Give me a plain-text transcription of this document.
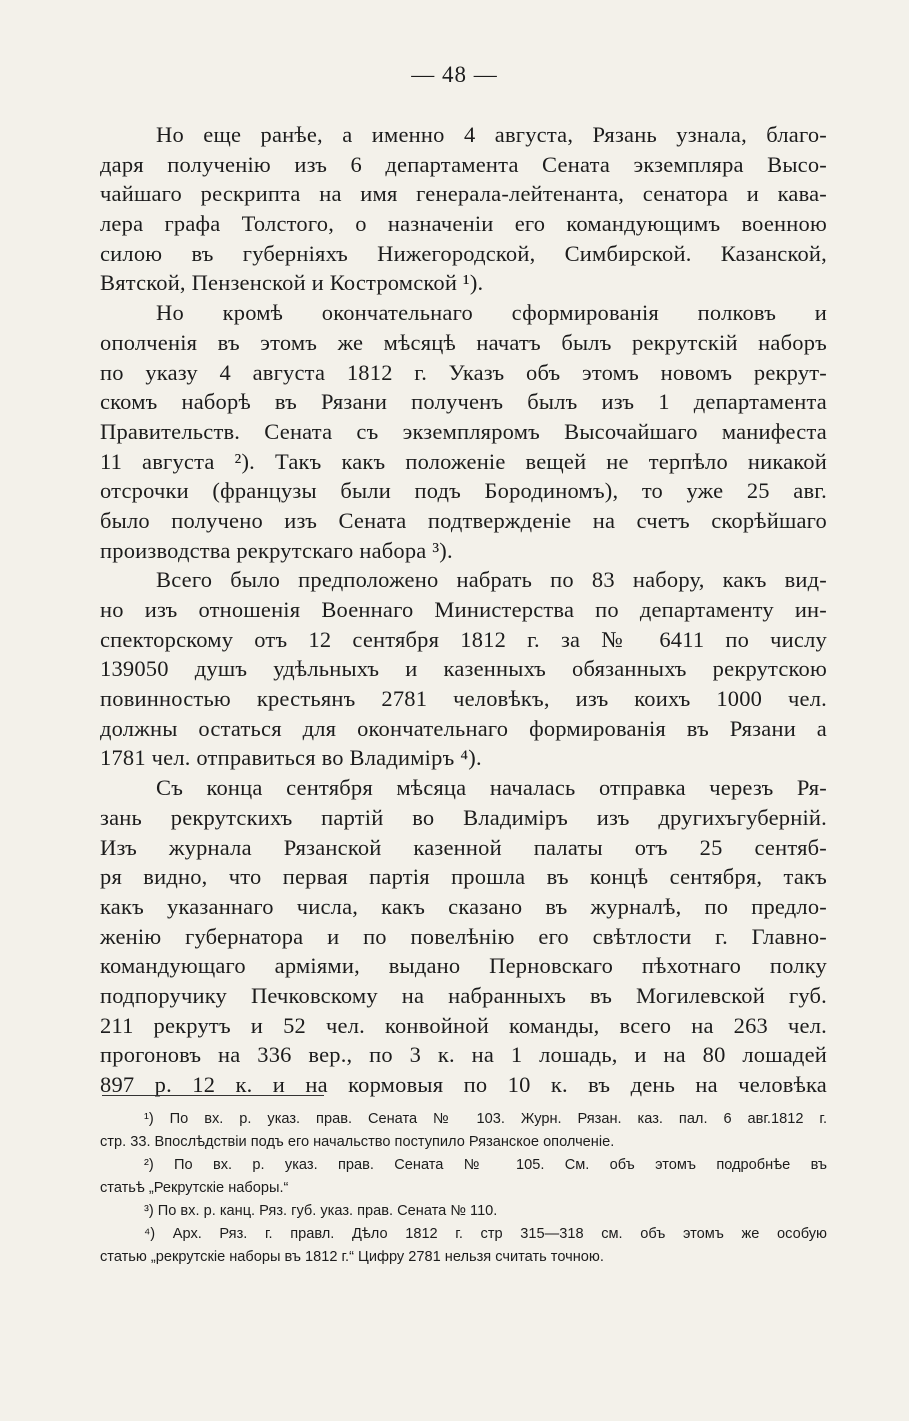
— 48 —
Но еще ранѣе, а именно 4 августа, Рязань узнала, благо-
даря полученію изъ 6 департамента Сената экземпляра Высо-
чайшаго рескрипта на имя генерала-лейтенанта, сенатора и кава-
лера графа Толстого, о назначеніи его командующимъ военною
силою въ губерніяхъ Нижегородской, Симбирской. Казанской,
Вятской, Пензенской и Костромской ¹).
Но кромѣ окончательнаго сформированія полковъ и
ополченія въ этомъ же мѣсяцѣ начатъ былъ рекрутскій наборъ
по указу 4 августа 1812 г. Указъ объ этомъ новомъ рекрут-
скомъ наборѣ въ Рязани полученъ былъ изъ 1 департамента
Правительств. Сената съ экземпляромъ Высочайшаго манифеста
11 августа ²). Такъ какъ положеніе вещей не терпѣло никакой
отсрочки (французы были подъ Бородиномъ), то уже 25 авг.
было получено изъ Сената подтвержденіе на счетъ скорѣйшаго
производства рекрутскаго набора ³).
Всего было предположено набрать по 83 набору, какъ вид-
но изъ отношенія Военнаго Министерства по департаменту ин-
спекторскому отъ 12 сентября 1812 г. за № 6411 по числу
139050 душъ удѣльныхъ и казенныхъ обязанныхъ рекрутскою
повинностью крестьянъ 2781 человѣкъ, изъ коихъ 1000 чел.
должны остаться для окончательнаго формированія въ Рязани а
1781 чел. отправиться во Владиміръ ⁴).
Съ конца сентября мѣсяца началась отправка черезъ Ря-
зань рекрутскихъ партій во Владиміръ изъ другихъгуберній.
Изъ журнала Рязанской казенной палаты отъ 25 сентяб-
ря видно, что первая партія прошла въ концѣ сентября, такъ
какъ указаннаго числа, какъ сказано въ журналѣ, по предло-
женію губернатора и по повелѣнію его свѣтлости г. Главно-
командующаго арміями, выдано Перновскаго пѣхотнаго полку
подпоручику Печковскому на набранныхъ въ Могилевской губ.
211 рекрутъ и 52 чел. конвойной команды, всего на 263 чел.
прогоновъ на 336 вер., по 3 к. на 1 лошадь, и на 80 лошадей
897 р. 12 к. и на кормовыя по 10 к. въ день на человѣка
¹) По вх. р. указ. прав. Сената № 103. Журн. Рязан. каз. пал. 6 авг.1812 г.
стр. 33. Впослѣдствіи подъ его начальство поступило Рязанское ополченіе.
²) По вх. р. указ. прав. Сената № 105. См. объ этомъ подробнѣе въ
статьѣ „Рекрутскіе наборы.“
³) По вх. р. канц. Ряз. губ. указ. прав. Сената № 110.
⁴) Арх. Ряз. г. правл. Дѣло 1812 г. стр 315—318 см. объ этомъ же особую
статью „рекрутскіе наборы въ 1812 г.“ Цифру 2781 нельзя считать точною.
